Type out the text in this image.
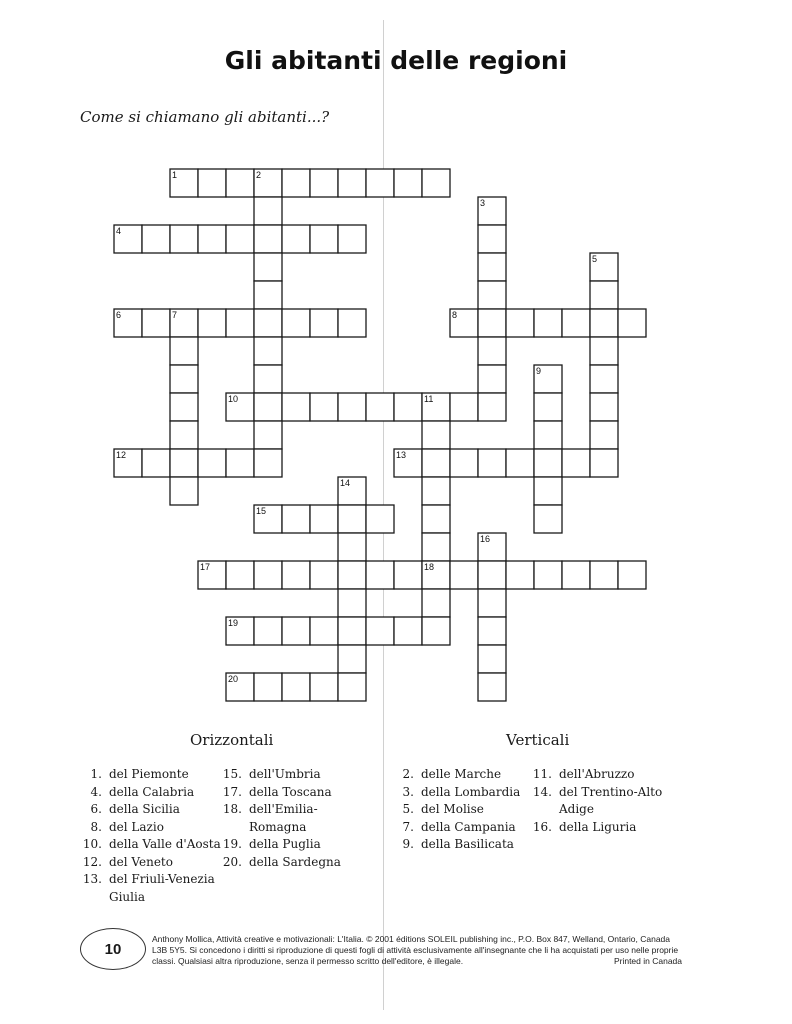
Gli abitanti delle regioni
Come si chiamano gli abitanti...?
1	2
3
4
5
6	7	8
9
10	11
12	13
14
15
16
17	18
19
20
Orizzontali	Verticali
1. del Piemonte
4. della Calabria
6. della Sicilia
8. del Lazio
10. della Valle d'Aosta
12. del Veneto
13. del Friuli-Venezia Giulia
15. dell'Umbria
17. della Toscana
18. dell'Emilia-Romagna
19. della Puglia
20. della Sardegna
2. delle Marche
3. della Lombardia
5. del Molise
7. della Campania
9. della Basilicata
11. dell'Abruzzo
14. del Trentino-Alto Adige
16. della Liguria
10
Anthony Mollica, Attività creative e motivazionali: L'Italia. © 2001 éditions SOLEIL publishing inc., P.O. Box 847, Welland, Ontario, Canada L3B 5Y5. Si concedono i diritti si riproduzione di questi fogli di attività esclusivamente all'insegnante che li ha acquistati per uso nelle proprie classi. Qualsiasi altra riproduzione, senza il permesso scritto dell'editore, è illegale.	Printed in Canada
